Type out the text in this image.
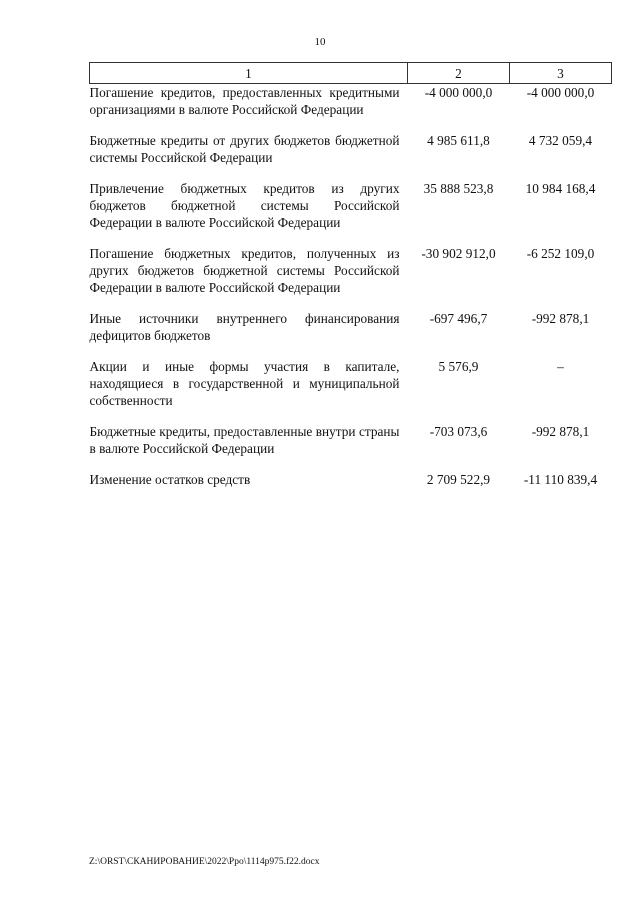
10
1	2	3
Погашение кредитов, предоставленных кредитными организациями в валюте Российской Федерации	-4 000 000,0	-4 000 000,0
Бюджетные кредиты от других бюджетов бюджетной системы Российской Федерации	4 985 611,8	4 732 059,4
Привлечение бюджетных кредитов из других бюджетов бюджетной системы Российской Федерации в валюте Российской Федерации	35 888 523,8	10 984 168,4
Погашение бюджетных кредитов, полученных из других бюджетов бюджетной системы Российской Федерации в валюте Российской Федерации	-30 902 912,0	-6 252 109,0
Иные источники внутреннего финансирования дефицитов бюджетов	-697 496,7	-992 878,1
Акции и иные формы участия в капитале, находящиеся в государственной и муниципальной собственности	5 576,9	–
Бюджетные кредиты, предоставленные внутри страны в валюте Российской Федерации	-703 073,6	-992 878,1
Изменение остатков средств	2 709 522,9	-11 110 839,4
Z:\ORST\СКАНИРОВАНИЕ\2022\Ppo\1114p975.f22.docx
